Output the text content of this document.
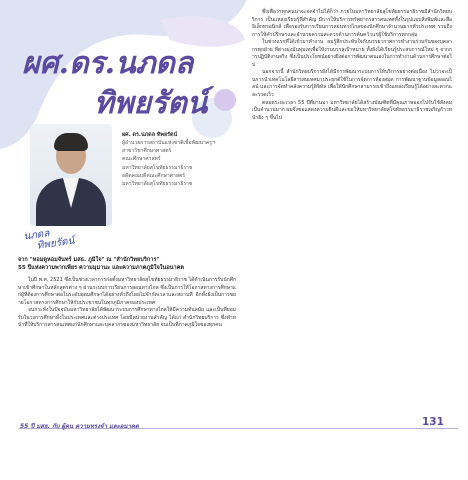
ผศ.ดร.นภดล
ทิพยรัตน์
นภดล
ทิพยรัตน์
ผศ. ดร.นภดล ทิพยรัตน์
ผู้อำนวยการสถาบันแห่งชาติเพื่อพัฒนาครูฯ
สาขาวิชาศึกษาศาสตร์
คณะศึกษาศาสตร์
มหาวิทยาลัยสุโขทัยธรรมาธิราช
อดีตคณบดีคณะศึกษาศาสตร์
มหาวิทยาลัยสุโขทัยธรรมาธิราช
จาก "หอมดูหอมจันทร์ มสธ. ภูมิใจ" ณ "สำนักวิทยบริการ"
55 ปีแห่งความพากเพียร ความมุมานะ และความภาคภูมิใจในอนาคต

ในปี พ.ศ. 2521 ซึ่งเป็นช่วงเวลาการก่อตั้งมหาวิทยาลัยสุโขทัยธรรมาธิราช ได้ดำเนินการรับนักศึกษาเข้าศึกษาในหลักสูตรต่าง ๆ ผ่านระบบการเรียนการสอนทางไกล ซึ่งเป็นการให้โอกาสทางการศึกษาแก่ผู้ที่ต้องการศึกษาต่อในระดับอุดมศึกษาได้อย่างทั่วถึงโดยไม่จำกัดเวลาและสถานที่ อีกทั้งยังเป็นการขยายโอกาสทางการศึกษาให้กับประชาชนในทุกภูมิภาคของประเทศ

จนกระทั่งในปัจจุบันมหาวิทยาลัยได้พัฒนาระบบการศึกษาทางไกลให้มีความทันสมัย และเป็นที่ยอมรับในวงการศึกษาทั้งในประเทศและต่างประเทศ โดยมีหน่วยงานสำคัญ ได้แก่ สำนักวิทยบริการ ซึ่งทำหน้าที่ให้บริการสารสนเทศแก่นักศึกษาและบุคลากรของมหาวิทยาลัย จนเป็นที่ภาคภูมิใจของทุกคน

ซึ่งเพื่อว่าทุกคนน่าจะจดจำไม่ได้ก็ว่า ภายในมหาวิทยาลัยสุโขทัยธรรมาธิราชมีสำนักวิทยบริการ เป็นแหล่งเรียนรู้ที่สำคัญ มีการให้บริการทรัพยากรสารสนเทศทั้งในรูปแบบสิ่งพิมพ์และสื่ออิเล็กทรอนิกส์ เพื่อรองรับการเรียนการสอนทางไกลของนักศึกษาจำนวนมากทั่วประเทศ รวมถึงการให้คำปรึกษาและอำนวยความสะดวกด้านการค้นคว้าแก่ผู้ใช้บริการทุกกลุ่ม

ในช่วงแรกที่ได้เข้ามาทำงาน ผมรู้สึกประทับใจกับบรรยากาศการทำงานร่วมกันของบุคลากรทุกฝ่าย ที่ต่างมุ่งมั่นทุ่มเทเพื่อให้งานบรรลุเป้าหมาย ทั้งยังได้เรียนรู้ประสบการณ์ใหม่ ๆ จากการปฏิบัติงานจริง ซึ่งเป็นประโยชน์อย่างยิ่งต่อการพัฒนาตนเองในการทำงานด้านการศึกษาต่อไป

นอกจากนี้ สำนักวิทยบริการยังได้มีการพัฒนาระบบการให้บริการอย่างต่อเนื่อง ไม่ว่าจะเป็นการนำเทคโนโลยีสารสนเทศมาประยุกต์ใช้ในการจัดการห้องสมุด การพัฒนาฐานข้อมูลออนไลน์ และการจัดทำคลังความรู้ดิจิทัล เพื่อให้นักศึกษาสามารถเข้าถึงแหล่งเรียนรู้ได้อย่างสะดวกและรวดเร็ว

ตลอดระยะเวลา 55 ปีที่ผ่านมา มหาวิทยาลัยได้สร้างบัณฑิตที่มีคุณภาพออกไปรับใช้สังคมเป็นจำนวนมาก ผมจึงขอแสดงความยินดีและขอให้มหาวิทยาลัยสุโขทัยธรรมาธิราชเจริญก้าวหน้ายิ่ง ๆ ขึ้นไป

55 ปี มสธ. กับ ผู้คน ความทรงจำ และอนาคต	131
